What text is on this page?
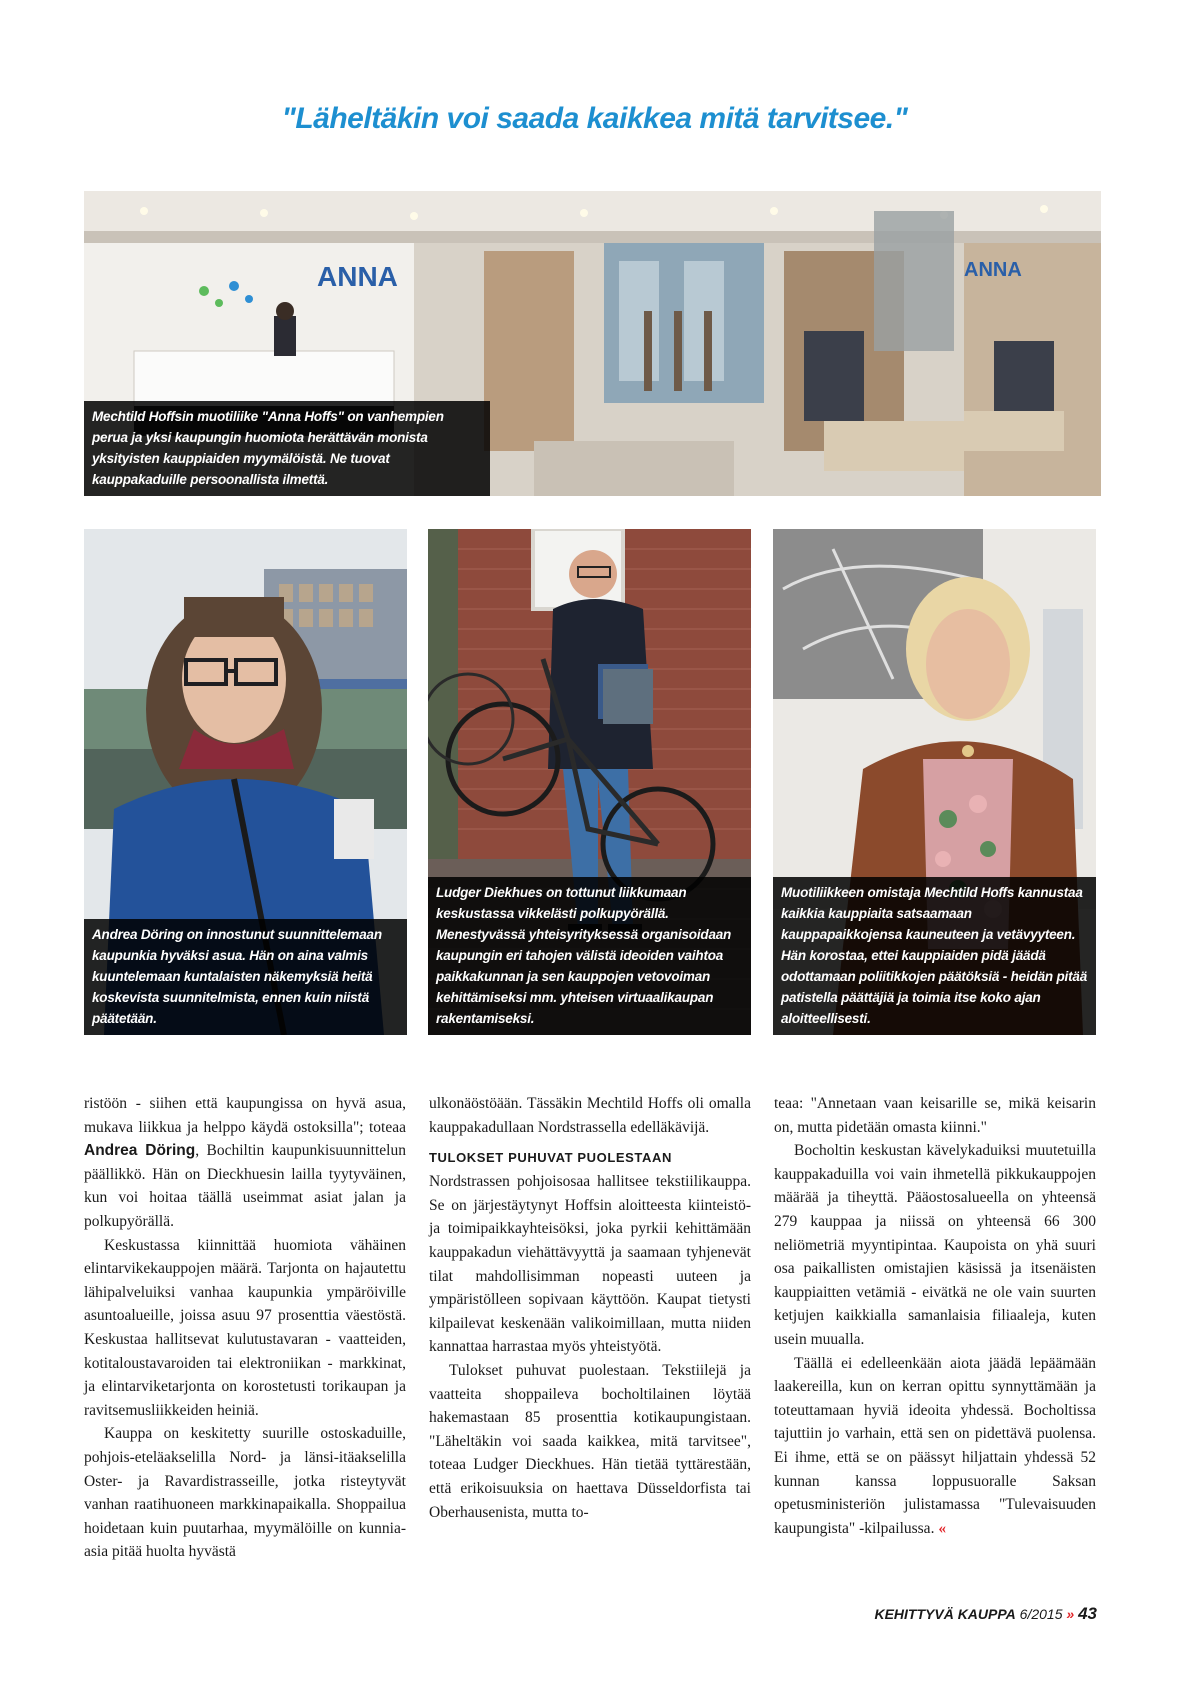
"Läheltäkin voi saada kaikkea mitä tarvitsee."
ANNA	ANNA
Mechtild Hoffsin muotiliike "Anna Hoffs" on vanhempien perua ja yksi kaupungin huomiota herättävän monista yksityisten kauppiaiden myymälöistä. Ne tuovat kauppakaduille persoonallista ilmettä.
Andrea Döring on innostunut suunnittelemaan kaupunkia hyväksi asua. Hän on aina valmis kuuntelemaan kuntalaisten näkemyksiä heitä koskevista suunnitelmista, ennen kuin niistä päätetään.
Ludger Diekhues on tottunut liikkumaan keskustassa vikkelästi polkupyörällä. Menestyvässä yhteisyrityksessä organisoidaan kaupungin eri tahojen välistä ideoiden vaihtoa paikkakunnan ja sen kauppojen vetovoiman kehittämiseksi mm. yhteisen virtuaalikaupan rakentamiseksi.
Muotiliikkeen omistaja Mechtild Hoffs kannustaa kaikkia kauppiaita satsaamaan kauppapaikkojensa kauneuteen ja vetävyyteen. Hän korostaa, ettei kauppiaiden pidä jäädä odottamaan poliitikkojen päätöksiä - heidän pitää patistella päättäjiä ja toimia itse koko ajan aloitteellisesti.

ristöön - siihen että kaupungissa on hyvä asua, mukava liikkua ja helppo käydä ostoksilla"; toteaa Andrea Döring, Bochiltin kaupunkisuunnittelun päällikkö. Hän on Dieckhuesin lailla tyytyväinen, kun voi hoitaa täällä useimmat asiat jalan ja polkupyörällä.

Keskustassa kiinnittää huomiota vähäinen elintarvikekauppojen määrä. Tarjonta on hajautettu lähipalveluiksi vanhaa kaupunkia ympäröiville asuntoalueille, joissa asuu 97 prosenttia väestöstä. Keskustaa hallitsevat kulutustavaran - vaatteiden, kotitaloustavaroiden tai elektroniikan - markkinat, ja elintarviketarjonta on korostetusti torikaupan ja ravitsemusliikkeiden heiniä.

Kauppa on keskitetty suurille ostoskaduille, pohjois-eteläakselilla Nord- ja länsi-itäakselilla Oster- ja Ravardistrasseille, jotka risteytyvät vanhan raatihuoneen markkinapaikalla. Shoppailua hoidetaan kuin puutarhaa, myymälöille on kunnia-asia pitää huolta hyvästä

ulkonäöstöään. Tässäkin Mechtild Hoffs oli omalla kauppakadullaan Nordstrassella edelläkävijä.

TULOKSET PUHUVAT PUOLESTAAN

Nordstrassen pohjoisosaa hallitsee tekstiilikauppa. Se on järjestäytynyt Hoffsin aloitteesta kiinteistö- ja toimipaikkayhteisöksi, joka pyrkii kehittämään kauppakadun viehättävyyttä ja saamaan tyhjenevät tilat mahdollisimman nopeasti uuteen ja ympäristölleen sopivaan käyttöön. Kaupat tietysti kilpailevat keskenään valikoimillaan, mutta niiden kannattaa harrastaa myös yhteistyötä.

Tulokset puhuvat puolestaan. Tekstiilejä ja vaatteita shoppaileva bocholtilainen löytää hakemastaan 85 prosenttia kotikaupungistaan. "Läheltäkin voi saada kaikkea, mitä tarvitsee", toteaa Ludger Dieckhues. Hän tietää tyttärestään, että erikoisuuksia on haettava Düsseldorfista tai Oberhausenista, mutta to-

teaa: "Annetaan vaan keisarille se, mikä keisarin on, mutta pidetään omasta kiinni."

Bocholtin keskustan kävelykaduiksi muutetuilla kauppakaduilla voi vain ihmetellä pikkukauppojen määrää ja tiheyttä. Pääostosalueella on yhteensä 279 kauppaa ja niissä on yhteensä 66 300 neliömetriä myyntipintaa. Kaupoista on yhä suuri osa paikallisten omistajien käsissä ja itsenäisten kauppiaitten vetämiä - eivätkä ne ole vain suurten ketjujen kaikkialla samanlaisia filiaaleja, kuten usein muualla.

Täällä ei edelleenkään aiota jäädä lepäämään laakereilla, kun on kerran opittu synnyttämään ja toteuttamaan hyviä ideoita yhdessä. Bocholtissa tajuttiin jo varhain, että sen on pidettävä puolensa. Ei ihme, että se on päässyt hiljattain yhdessä 52 kunnan kanssa loppusuoralle Saksan opetusministeriön julistamassa "Tulevaisuuden kaupungista" -kilpailussa. «

KEHITTYVÄ KAUPPA 6/2015 » 43
